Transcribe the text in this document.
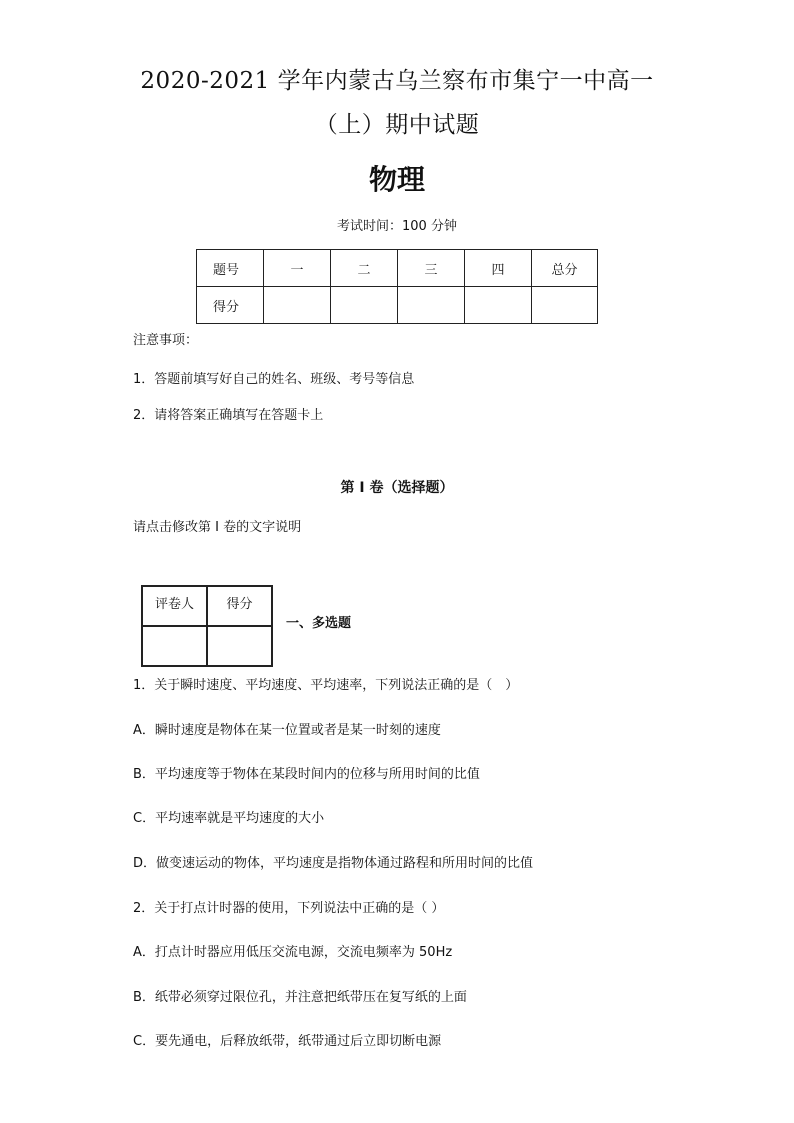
2020-2021 学年内蒙古乌兰察布市集宁一中高一
（上）期中试题
物理
考试时间：100 分钟
题号	一	二	三	四	总分
得分					
注意事项：
1．答题前填写好自己的姓名、班级、考号等信息
2．请将答案正确填写在答题卡上
第 I 卷（选择题）
请点击修改第 I 卷的文字说明
评卷人	得分

一、多选题
1．关于瞬时速度、平均速度、平均速率，下列说法正确的是（　）
A．瞬时速度是物体在某一位置或者是某一时刻的速度
B．平均速度等于物体在某段时间内的位移与所用时间的比值
C．平均速率就是平均速度的大小
D．做变速运动的物体，平均速度是指物体通过路程和所用时间的比值
2．关于打点计时器的使用，下列说法中正确的是（ ）
A．打点计时器应用低压交流电源，交流电频率为 50Hz
B．纸带必须穿过限位孔，并注意把纸带压在复写纸的上面
C．要先通电，后释放纸带，纸带通过后立即切断电源
